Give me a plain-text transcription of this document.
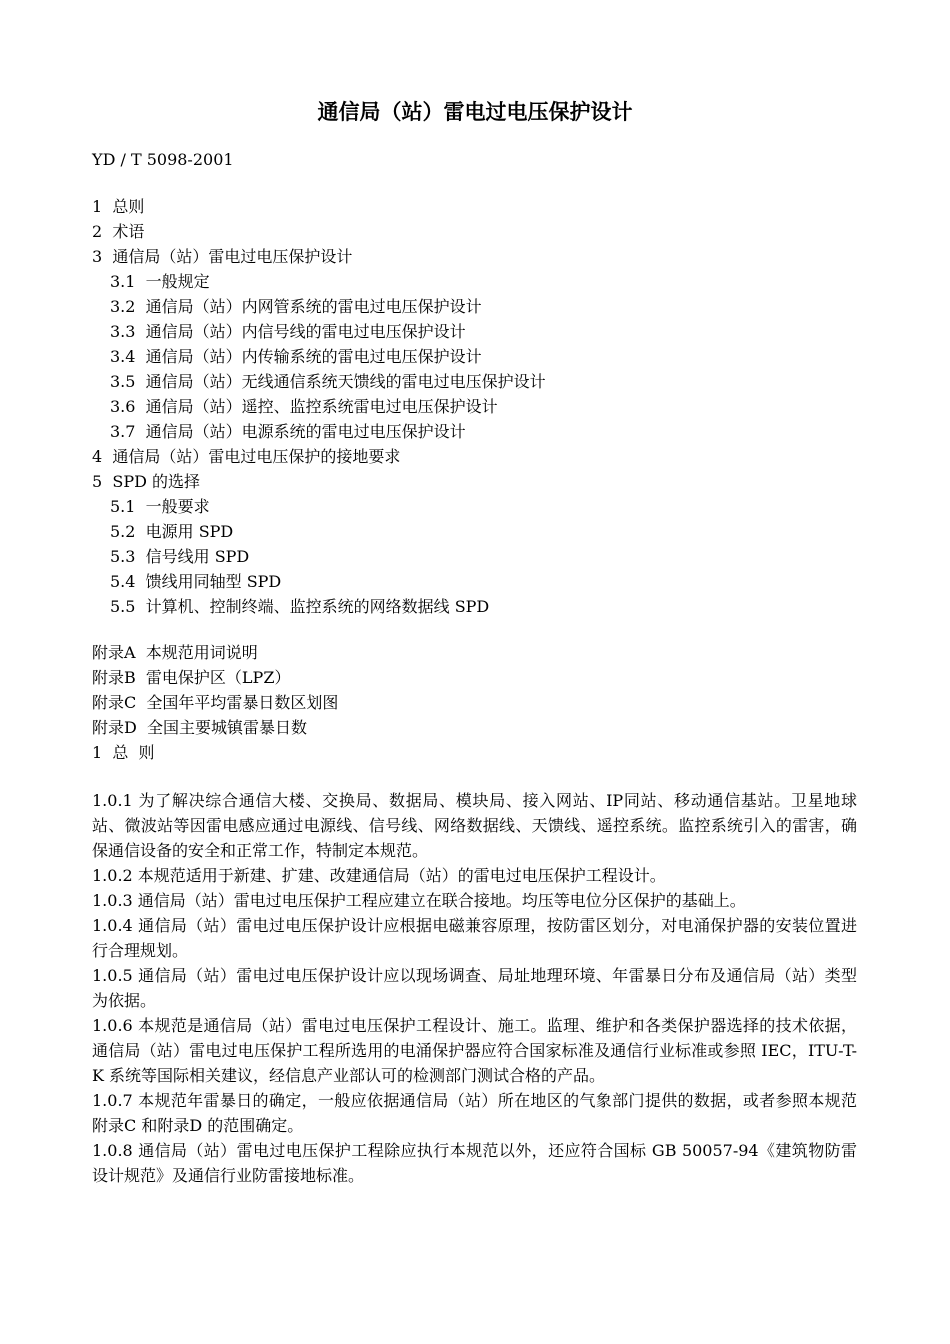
通信局（站）雷电过电压保护设计
YD / T 5098-2001
1  总则
2  术语
3  通信局（站）雷电过电压保护设计
3.1  一般规定
3.2  通信局（站）内网管系统的雷电过电压保护设计
3.3  通信局（站）内信号线的雷电过电压保护设计
3.4  通信局（站）内传输系统的雷电过电压保护设计
3.5  通信局（站）无线通信系统天馈线的雷电过电压保护设计
3.6  通信局（站）遥控、监控系统雷电过电压保护设计
3.7  通信局（站）电源系统的雷电过电压保护设计
4  通信局（站）雷电过电压保护的接地要求
5  SPD 的选择
5.1  一般要求
5.2  电源用 SPD
5.3  信号线用 SPD
5.4  馈线用同轴型 SPD
5.5  计算机、控制终端、监控系统的网络数据线 SPD
附录A  本规范用词说明
附录B  雷电保护区（LPZ）
附录C  全国年平均雷暴日数区划图
附录D  全国主要城镇雷暴日数
1  总  则

1.0.1 为了解决综合通信大楼、交换局、数据局、模块局、接入网站、IP同站、移动通信基站。卫星地球站、微波站等因雷电感应通过电源线、信号线、网络数据线、天馈线、遥控系统。监控系统引入的雷害，确保通信设备的安全和正常工作，特制定本规范。

1.0.2 本规范适用于新建、扩建、改建通信局（站）的雷电过电压保护工程设计。

1.0.3 通信局（站）雷电过电压保护工程应建立在联合接地。均压等电位分区保护的基础上。

1.0.4 通信局（站）雷电过电压保护设计应根据电磁兼容原理，按防雷区划分，对电涌保护器的安装位置进行合理规划。

1.0.5 通信局（站）雷电过电压保护设计应以现场调查、局址地理环境、年雷暴日分布及通信局（站）类型为依据。

1.0.6 本规范是通信局（站）雷电过电压保护工程设计、施工。监理、维护和各类保护器选择的技术依据，通信局（站）雷电过电压保护工程所选用的电涌保护器应符合国家标准及通信行业标准或参照 IEC，ITU-T-K 系统等国际相关建议，经信息产业部认可的检测部门测试合格的产品。

1.0.7 本规范年雷暴日的确定，一般应依据通信局（站）所在地区的气象部门提供的数据，或者参照本规范附录C 和附录D 的范围确定。

1.0.8 通信局（站）雷电过电压保护工程除应执行本规范以外，还应符合国标 GB 50057-94《建筑物防雷设计规范》及通信行业防雷接地标准。
